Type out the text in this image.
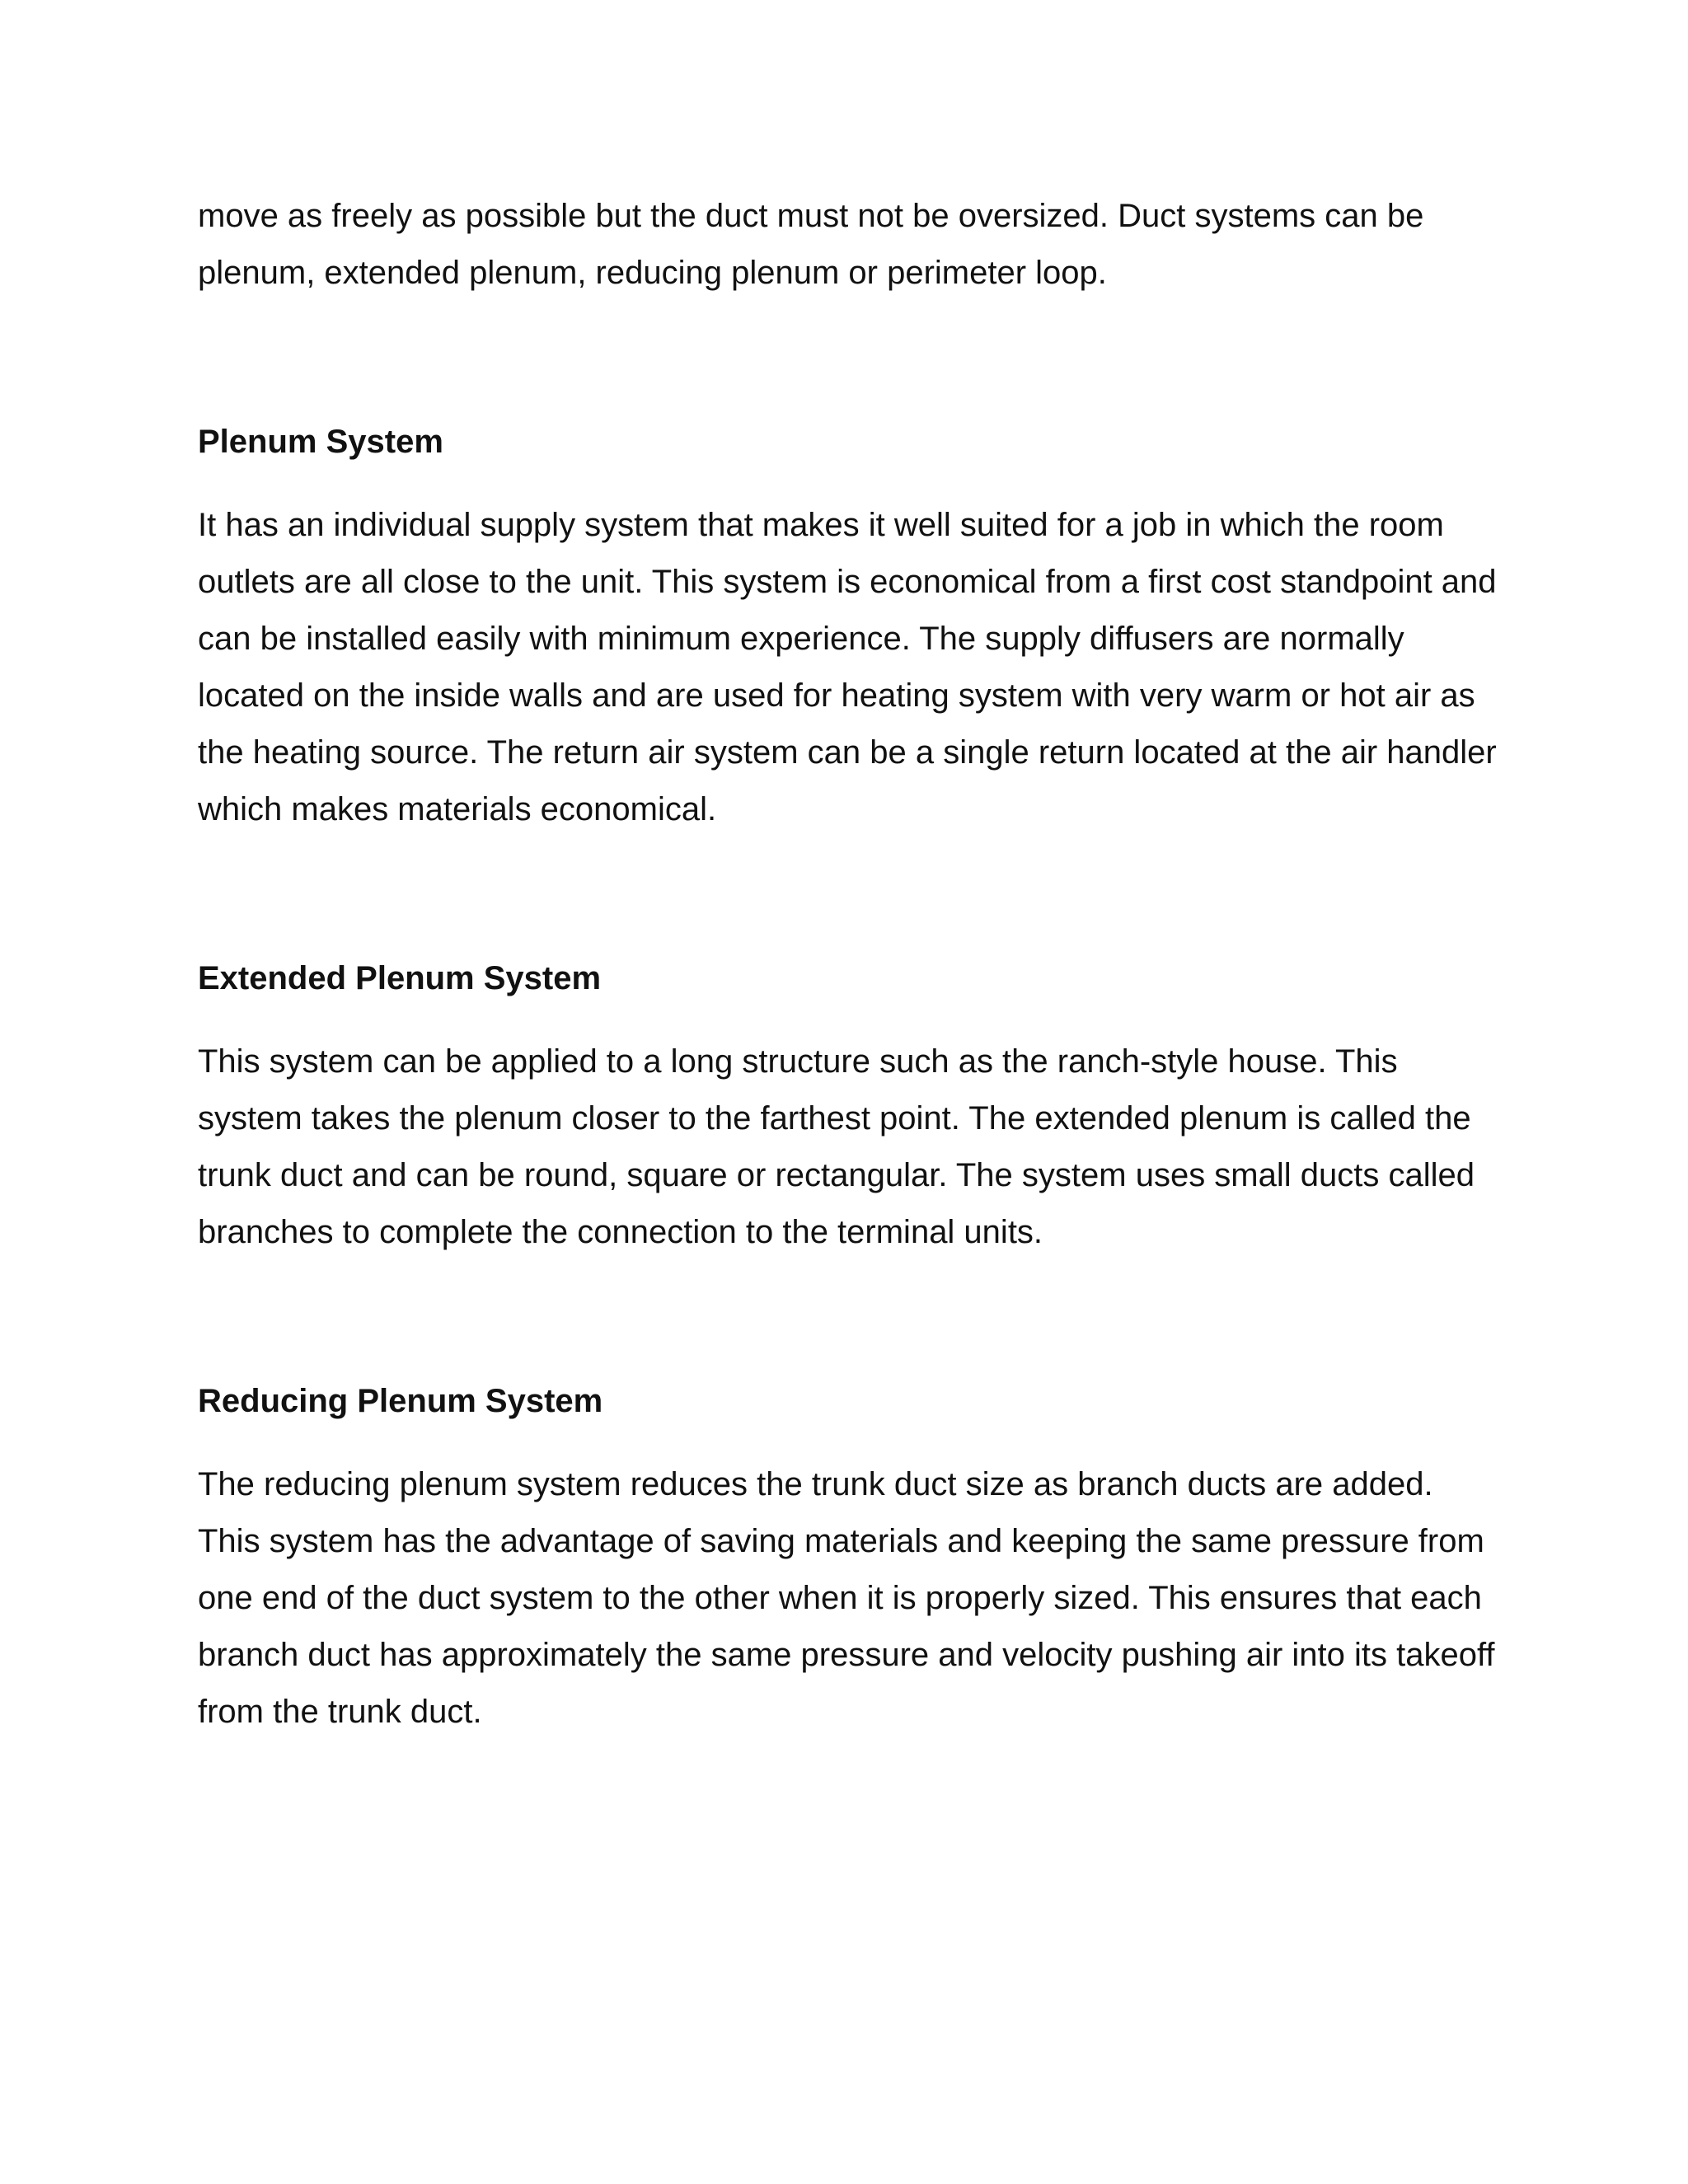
move as freely as possible but the duct must not be oversized. Duct systems can be plenum, extended plenum, reducing plenum or perimeter loop.

Plenum System

It has an individual supply system that makes it well suited for a job in which the room outlets are all close to the unit. This system is economical from a first cost standpoint and can be installed easily with minimum experience. The supply diffusers are normally located on the inside walls and are used for heating system with very warm or hot air as the heating source. The return air system can be a single return located at the air handler which makes materials economical.

Extended Plenum System

This system can be applied to a long structure such as the ranch-style house. This system takes the plenum closer to the farthest point. The extended plenum is called the trunk duct and can be round, square or rectangular. The system uses small ducts called branches to complete the connection to the terminal units.

Reducing Plenum System

The reducing plenum system reduces the trunk duct size as branch ducts are added. This system has the advantage of saving materials and keeping the same pressure from one end of the duct system to the other when it is properly sized. This ensures that each branch duct has approximately the same pressure and velocity pushing air into its takeoff from the trunk duct.
